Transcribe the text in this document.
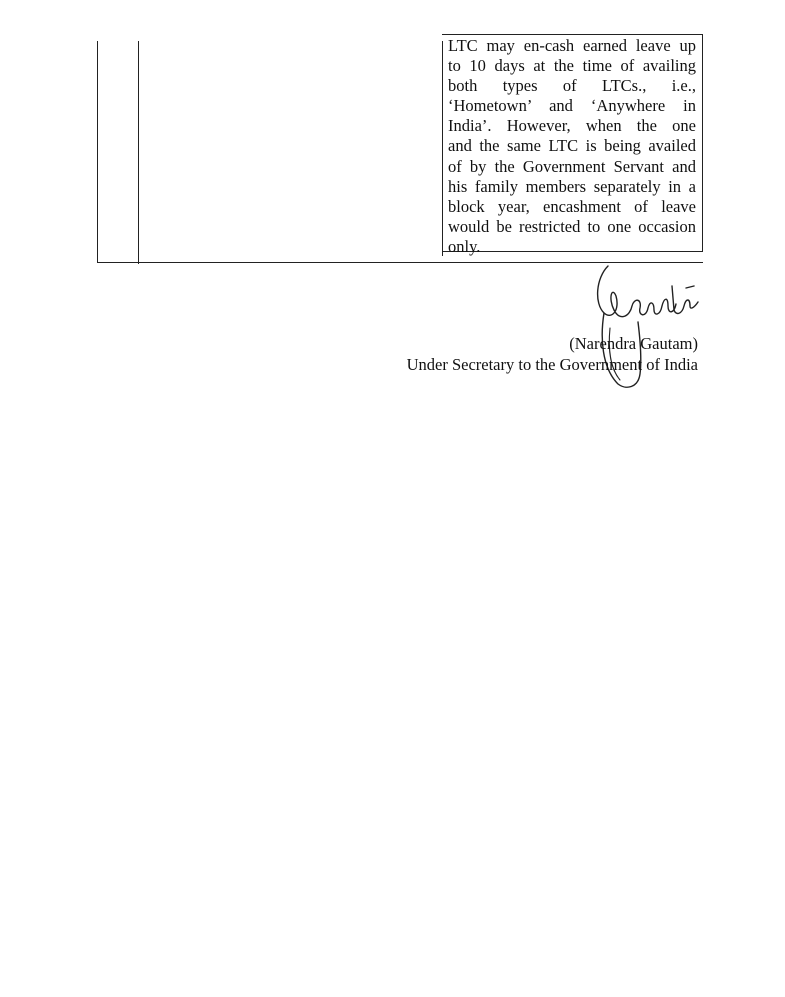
LTC may en-cash earned leave up
to 10 days at the time of availing
both types of LTCs., i.e.,
‘Hometown’ and ‘Anywhere in
India’. However, when the one
and the same LTC is being availed
of by the Government Servant and
his family members separately in a
block year, encashment of leave
would be restricted to one occasion
only.
(Narendra Gautam)
Under Secretary to the Government of India
